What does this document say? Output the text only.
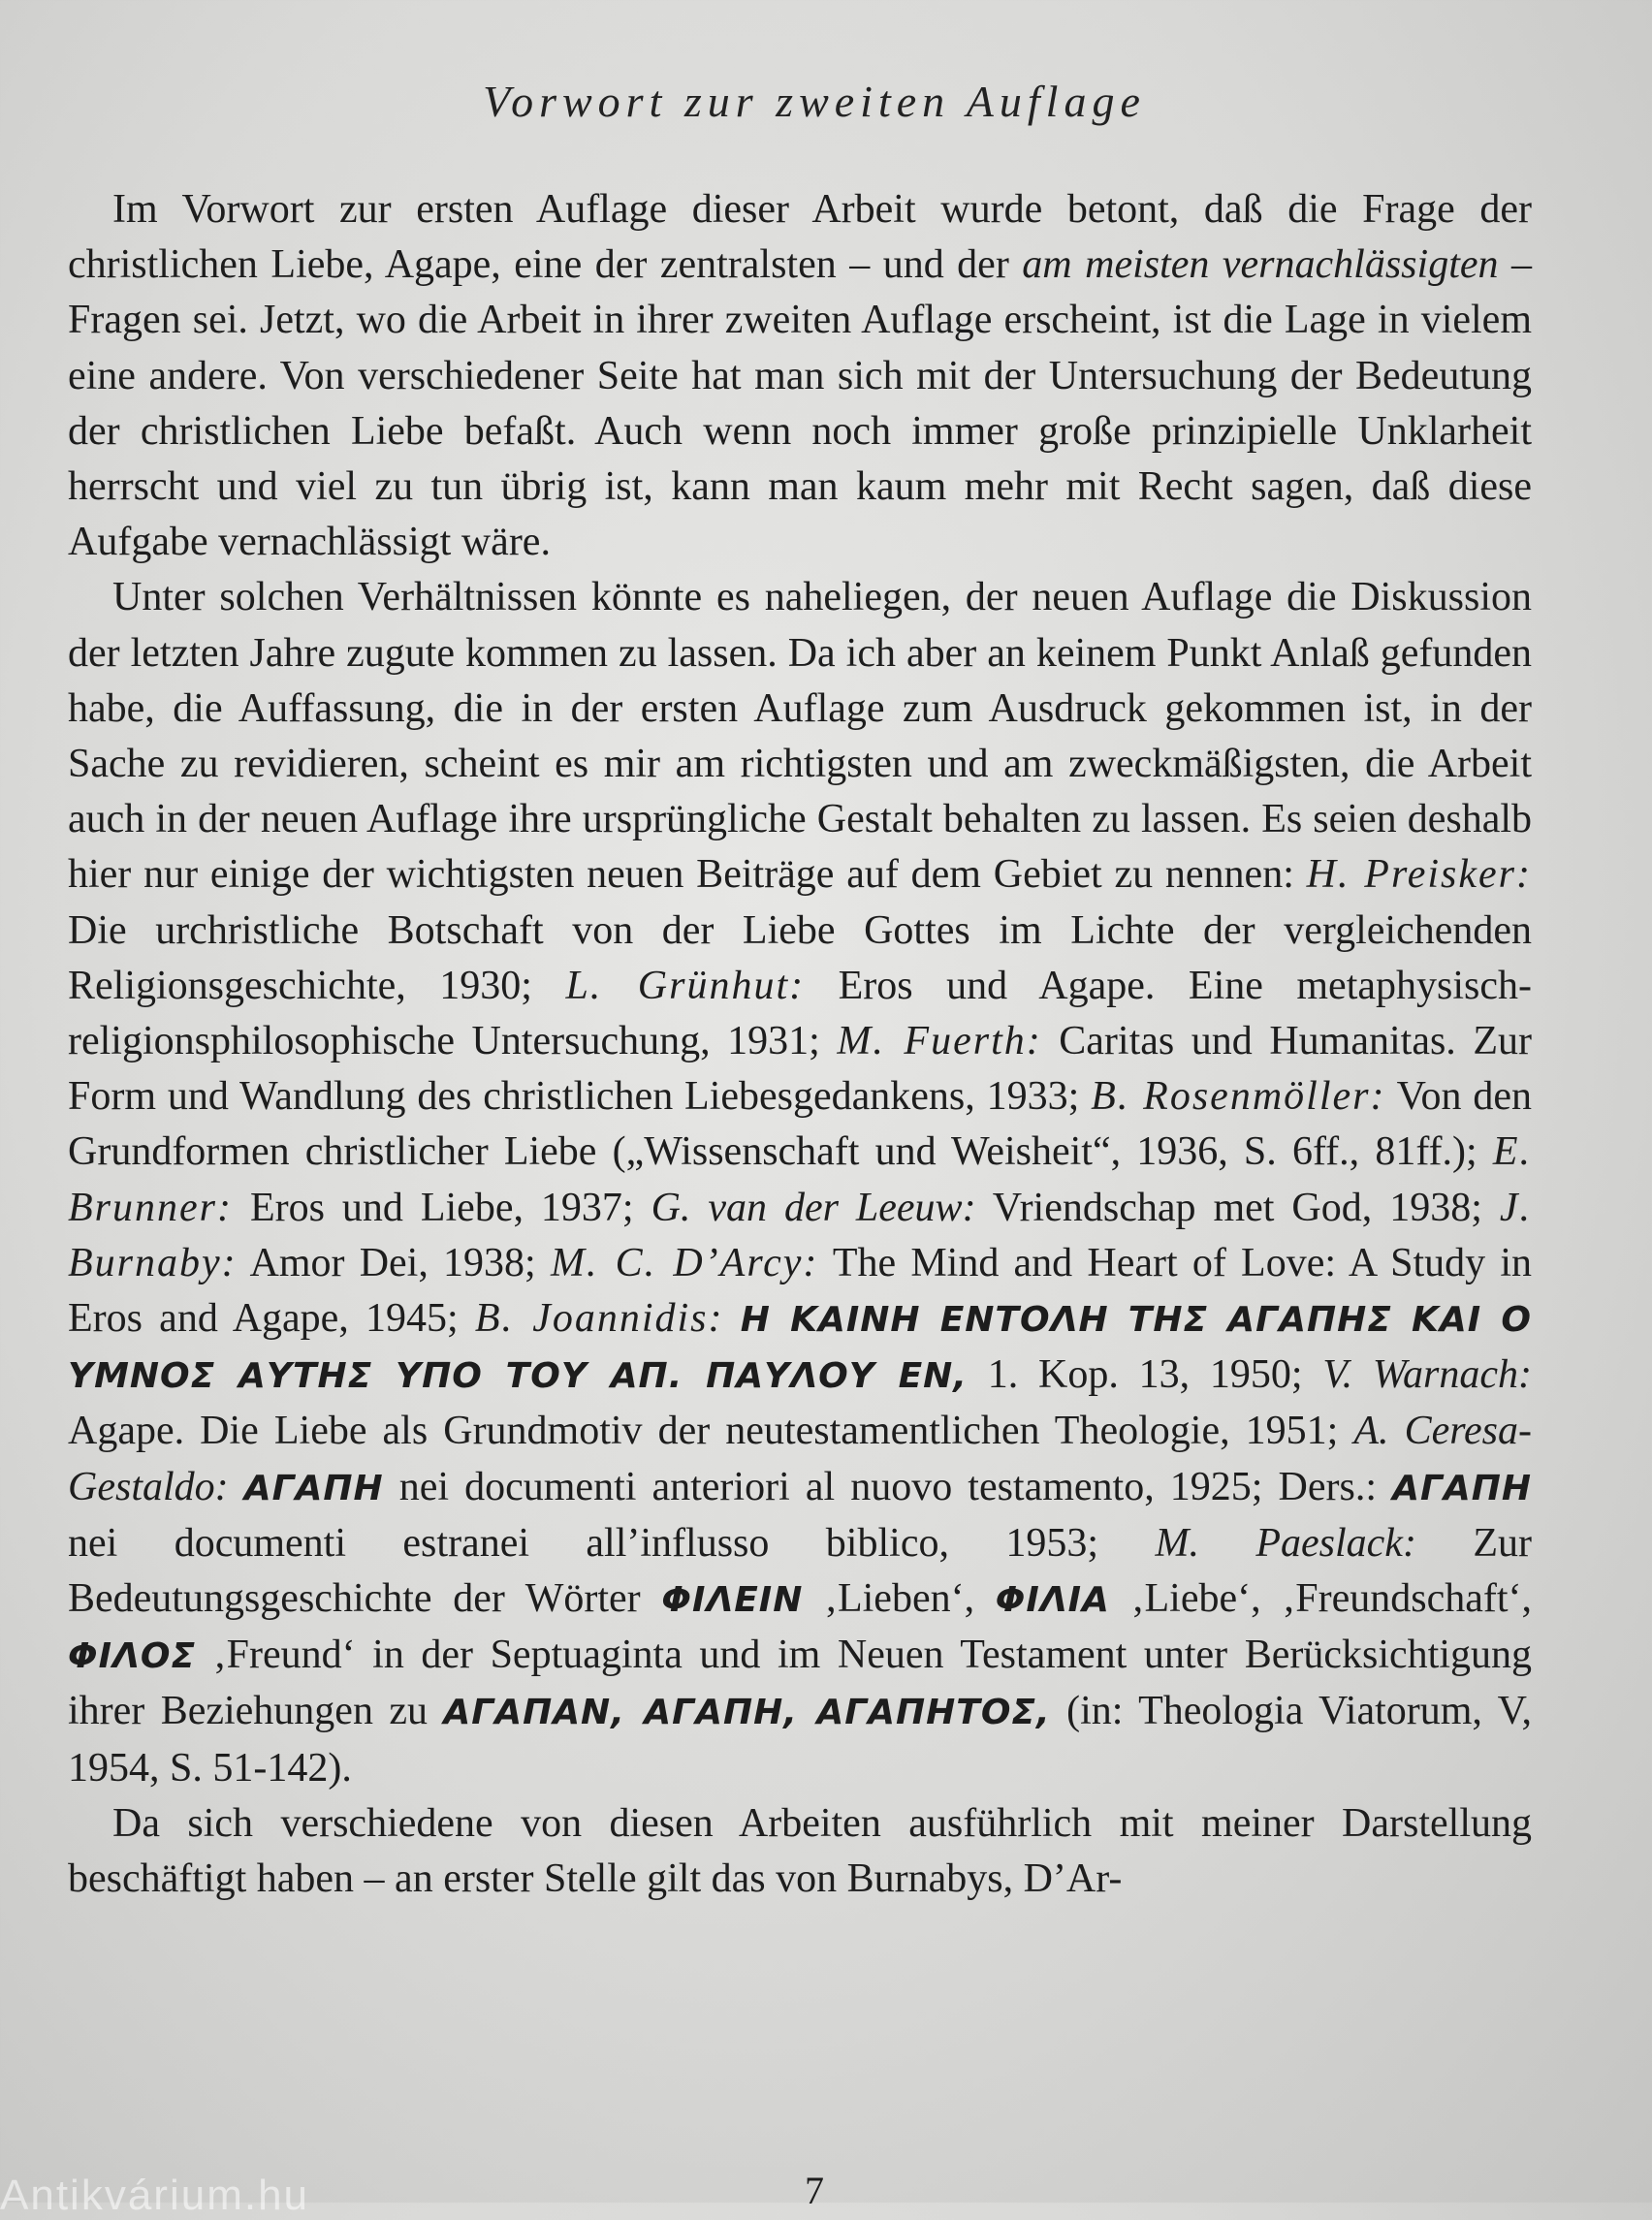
Vorwort zur zweiten Auflage

Im Vorwort zur ersten Auflage dieser Arbeit wurde betont, daß die Frage der christlichen Liebe, Agape, eine der zentralsten – und der am meisten vernachlässigten – Fragen sei. Jetzt, wo die Arbeit in ihrer zweiten Auflage erscheint, ist die Lage in vielem eine andere. Von verschiedener Seite hat man sich mit der Untersuchung der Bedeutung der christlichen Liebe befaßt. Auch wenn noch immer große prinzipielle Unklarheit herrscht und viel zu tun übrig ist, kann man kaum mehr mit Recht sagen, daß diese Aufgabe vernachlässigt wäre.

Unter solchen Verhältnissen könnte es naheliegen, der neuen Auflage die Diskussion der letzten Jahre zugute kommen zu lassen. Da ich aber an keinem Punkt Anlaß gefunden habe, die Auffassung, die in der ersten Auflage zum Ausdruck gekommen ist, in der Sache zu revidieren, scheint es mir am richtigsten und am zweckmäßigsten, die Arbeit auch in der neuen Auflage ihre ursprüngliche Gestalt behalten zu lassen. Es seien deshalb hier nur einige der wichtigsten neuen Beiträge auf dem Gebiet zu nennen: H. Preisker: Die urchristliche Botschaft von der Liebe Gottes im Lichte der vergleichenden Religionsgeschichte, 1930; L. Grünhut: Eros und Agape. Eine metaphysisch-religionsphilosophische Untersuchung, 1931; M. Fuerth: Caritas und Humanitas. Zur Form und Wandlung des christlichen Liebesgedankens, 1933; B. Rosenmöller: Von den Grundformen christlicher Liebe („Wissenschaft und Weisheit“, 1936, S. 6ff., 81ff.); E. Brunner: Eros und Liebe, 1937; G. van der Leeuw: Vriendschap met God, 1938; J. Burnaby: Amor Dei, 1938; M. C. D’Arcy: The Mind and Heart of Love: A Study in Eros and Agape, 1945; B. Joannidis: Η ΚΑΙΝΗ ΕΝΤΟΛΗ ΤΗΣ ΑΓΑΠΗΣ ΚΑΙ Ο ΥΜΝΟΣ ΑΥΤΗΣ ΥΠΟ ΤΟΥ ΑΠ. ΠΑΥΛΟΥ ΕΝ, 1. Kop. 13, 1950; V. Warnach: Agape. Die Liebe als Grundmotiv der neutestamentlichen Theologie, 1951; A. Ceresa-Gestaldo: ΑΓΑΠΗ nei documenti anteriori al nuovo testamento, 1925; Ders.: ΑΓΑΠΗ nei documenti estranei all’influsso biblico, 1953; M. Paeslack: Zur Bedeutungsgeschichte der Wörter ΦΙΛΕΙΝ ‚Lieben‘, ΦΙΛΙΑ ‚Liebe‘, ‚Freundschaft‘, ΦΙΛΟΣ ‚Freund‘ in der Septuaginta und im Neuen Testament unter Berücksichtigung ihrer Beziehungen zu ΑΓΑΠΑΝ, ΑΓΑΠΗ, ΑΓΑΠΗΤΟΣ, (in: Theologia Viatorum, V, 1954, S. 51-142).

Da sich verschiedene von diesen Arbeiten ausführlich mit meiner Darstellung beschäftigt haben – an erster Stelle gilt das von Burnabys, D’Ar-

7
Antikvárium.hu
